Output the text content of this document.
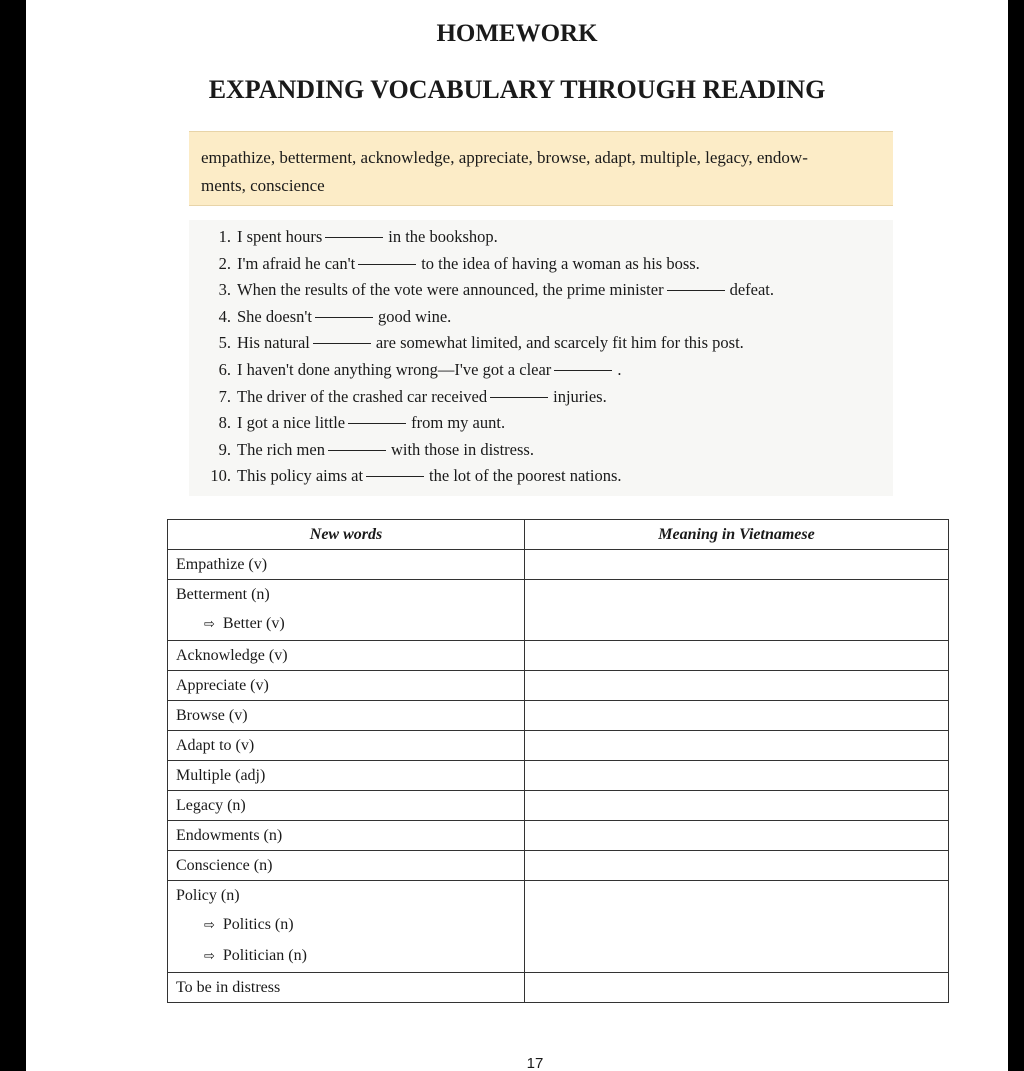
HOMEWORK
EXPANDING VOCABULARY THROUGH READING
empathize, betterment, acknowledge, appreciate, browse, adapt, multiple, legacy, endow-
ments, conscience
1. I spent hours	in the bookshop.
2. I'm afraid he can't	to the idea of having a woman as his boss.
3. When the results of the vote were announced, the prime minister	defeat.
4. She doesn't	good wine.
5. His natural	are somewhat limited, and scarcely fit him for this post.
6. I haven't done anything wrong—I've got a clear	.
7. The driver of the crashed car received	injuries.
8. I got a nice little	from my aunt.
9. The rich men	with those in distress.
10. This policy aims at	the lot of the poorest nations.
New words	Meaning in Vietnamese
Empathize (v)	

Betterment (n)
⇨ Better (v)	

Acknowledge (v)	
Appreciate (v)	
Browse (v)	
Adapt to (v)	
Multiple (adj)	
Legacy (n)	
Endowments (n)	
Conscience (n)	

Policy (n)
⇨ Politics (n)
⇨ Politician (n)	

To be in distress	
17
